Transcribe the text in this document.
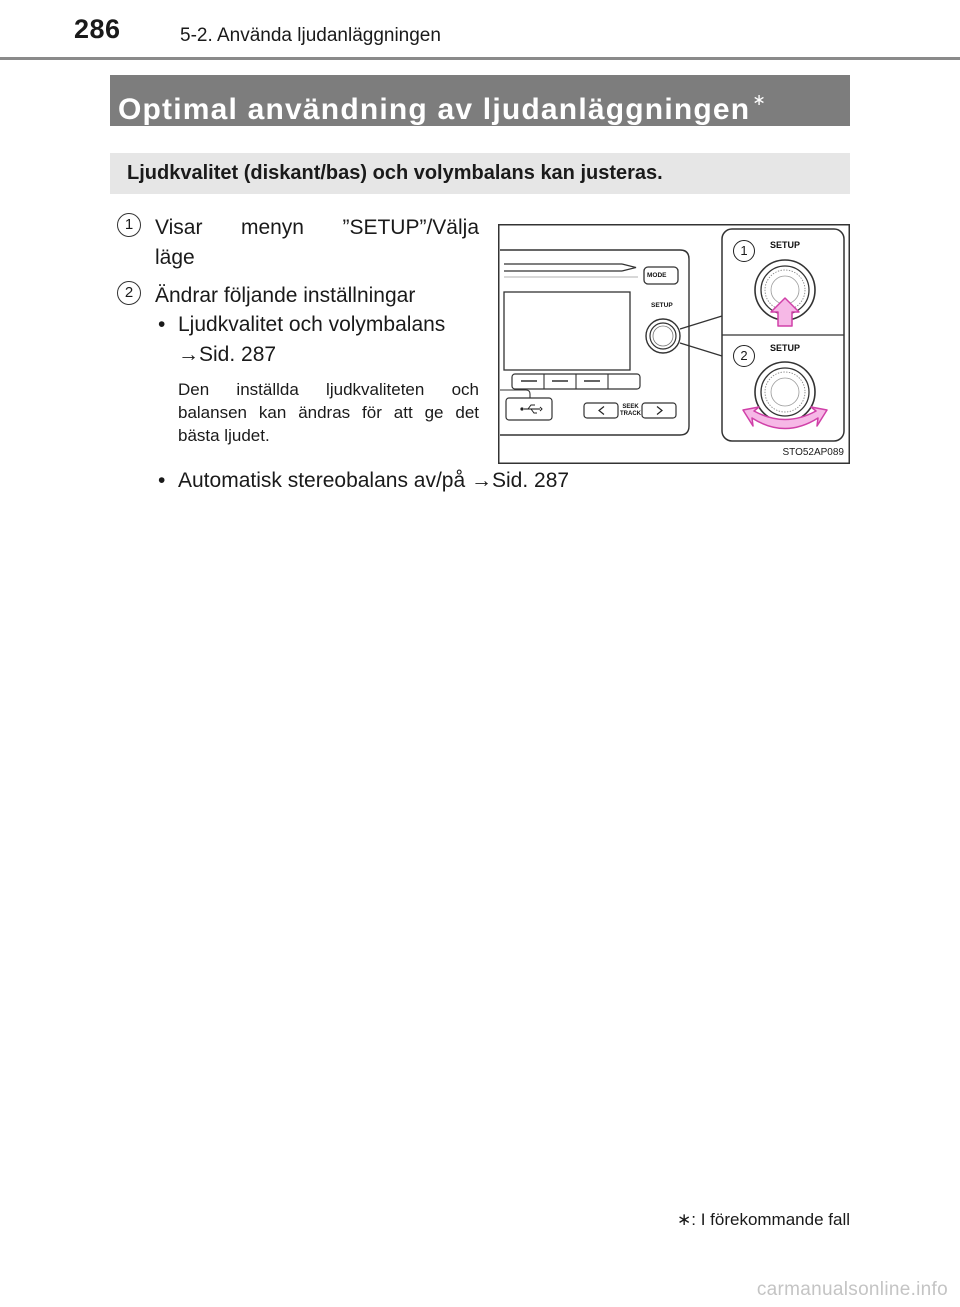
286	5-2. Använda ljudanläggningen
Optimal användning av ljudanläggningen ∗
Ljudkvalitet (diskant/bas) och volymbalans kan justeras.
1	Visar menyn ”SETUP”/Välja
läge
2	Ändrar följande inställningar
• Ljudkvalitet och volymbalans
→Sid. 287
Den inställda ljudkvaliteten och balansen kan ändras för att ge det bästa ljudet.
• Automatisk stereobalans av/på →Sid. 287
MODE
SETUP
SEEK
TRACK
1	SETUP
2	SETUP
STO52AP089
∗: I förekommande fall
carmanualsonline.info
